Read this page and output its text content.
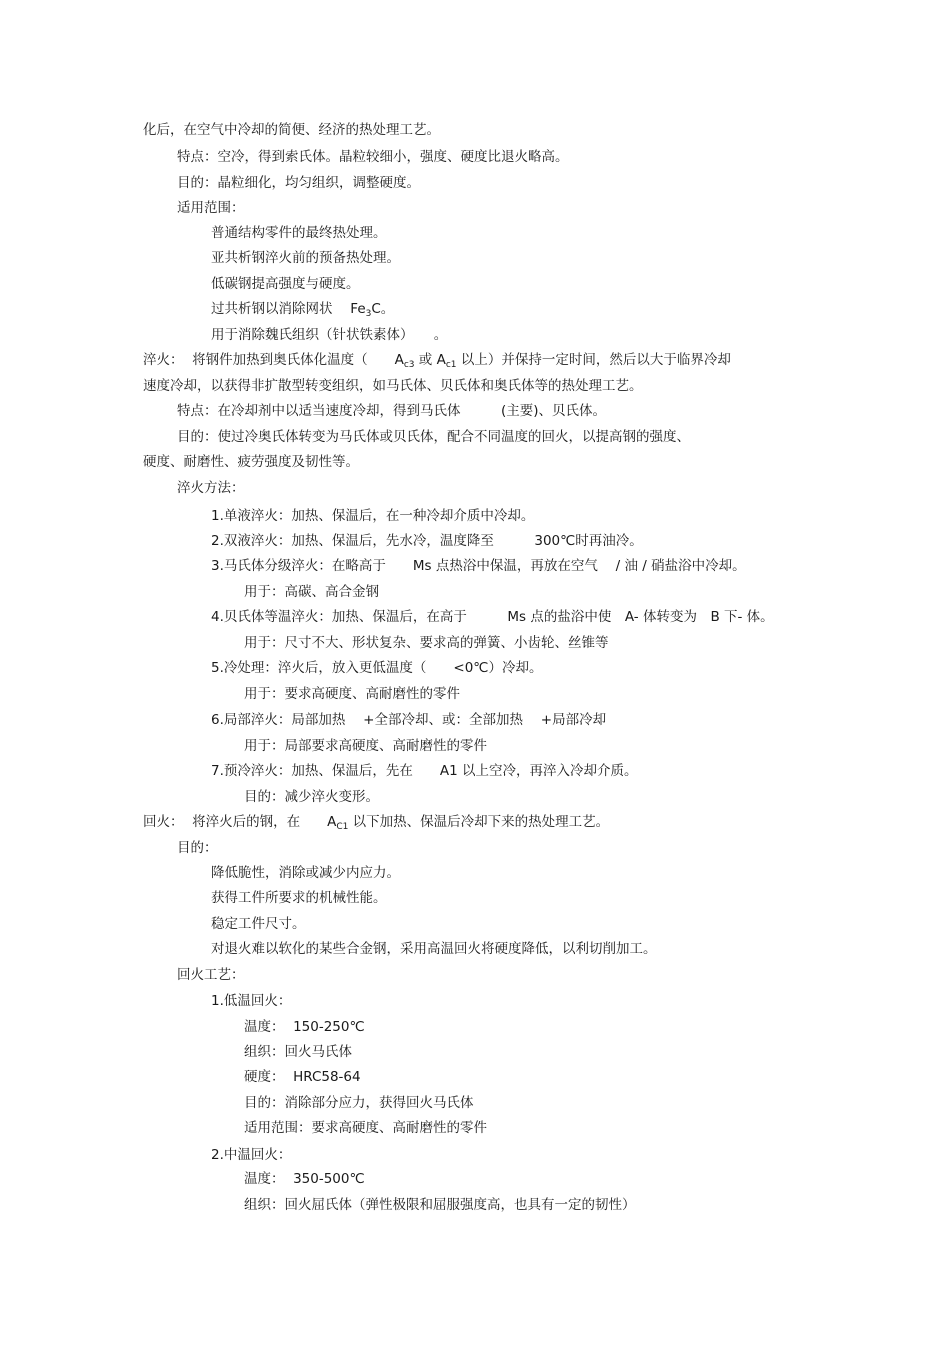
化后，在空气中冷却的简便、经济的热处理工艺。
特点：空冷，得到索氏体。晶粒较细小，强度、硬度比退火略高。
目的：晶粒细化，均匀组织，调整硬度。
适用范围：
普通结构零件的最终热处理。
亚共析钢淬火前的预备热处理。
低碳钢提高强度与硬度。
过共析钢以消除网状　 $Fe_3C$。
用于消除魏氏组织（针状铁素体）　　。
淬火：  将钢件加热到奥氏体化温度（　　$A_{c3}$ 或 $A_{c1}$ 以上）并保持一定时间，然后以大于临界冷却
速度冷却，以获得非扩散型转变组织，如马氏体、贝氏体和奥氏体等的热处理工艺。
特点：在冷却剂中以适当速度冷却，得到马氏体　　　(主要)、贝氏体。
目的：使过冷奥氏体转变为马氏体或贝氏体，配合不同温度的回火，以提高钢的强度、
硬度、耐磨性、疲劳强度及韧性等。
淬火方法：
1.单液淬火：加热、保温后，在一种冷却介质中冷却。
2.双液淬火：加热、保温后，先水冷，温度降至　　　300℃时再油冷。
3.马氏体分级淬火：在略高于　　Ms 点热浴中保温，再放在空气　 / 油 / 硝盐浴中冷却。
用于：高碳、高合金钢
4.贝氏体等温淬火：加热、保温后，在高于　　　Ms 点的盐浴中使　A- 体转变为　B 下- 体。
用于：尺寸不大、形状复杂、要求高的弹簧、小齿轮、丝锥等
5.冷处理：淬火后，放入更低温度（　　<0℃）冷却。
用于：要求高硬度、高耐磨性的零件
6.局部淬火：局部加热　 +全部冷却、或：全部加热　 +局部冷却
用于：局部要求高硬度、高耐磨性的零件
7.预冷淬火：加热、保温后，先在　　A1 以上空冷，再淬入冷却介质。
目的：减少淬火变形。
回火：  将淬火后的钢，在　　$A_{C1}$ 以下加热、保温后冷却下来的热处理工艺。
目的：
降低脆性，消除或减少内应力。
获得工件所要求的机械性能。
稳定工件尺寸。
对退火难以软化的某些合金钢，采用高温回火将硬度降低，以利切削加工。
回火工艺：
1.低温回火：
温度：  150-250℃
组织：回火马氏体
硬度：  HRC58-64
目的：消除部分应力，获得回火马氏体
适用范围：要求高硬度、高耐磨性的零件
2.中温回火：
温度：  350-500℃
组织：回火屈氏体（弹性极限和屈服强度高，也具有一定的韧性）
